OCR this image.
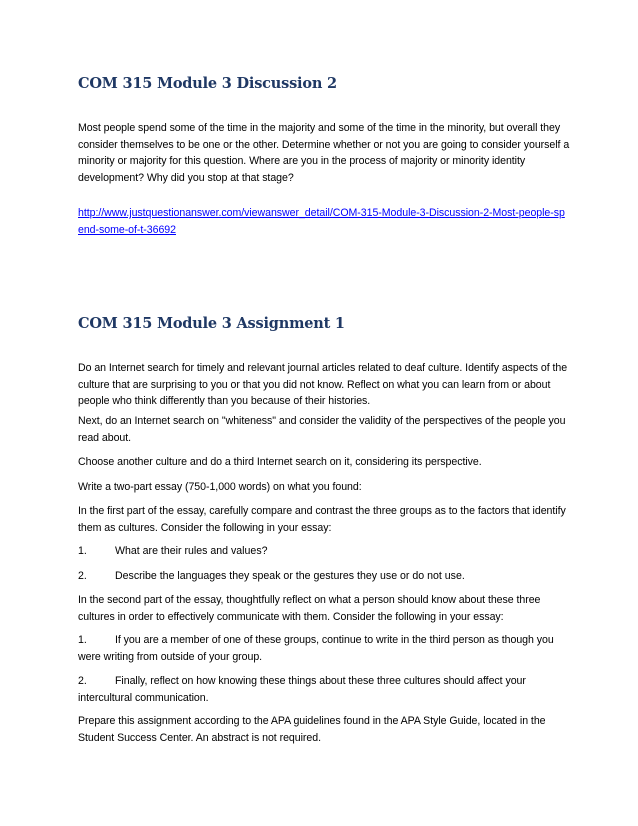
COM 315 Module 3 Discussion 2

Most people spend some of the time in the majority and some of the time in the minority, but overall they consider themselves to be one or the other. Determine whether or not you are going to consider yourself a minority or majority for this question. Where are you in the process of majority or minority identity development? Why did you stop at that stage?

http://www.justquestionanswer.com/viewanswer_detail/COM-315-Module-3-Discussion-2-Most-people-spend-some-of-t-36692

COM 315 Module 3 Assignment 1

Do an Internet search for timely and relevant journal articles related to deaf culture. Identify aspects of the culture that are surprising to you or that you did not know. Reflect on what you can learn from or about people who think differently than you because of their histories.

Next, do an Internet search on "whiteness" and consider the validity of the perspectives of the people you read about.

Choose another culture and do a third Internet search on it, considering its perspective.

Write a two-part essay (750-1,000 words) on what you found:

In the first part of the essay, carefully compare and contrast the three groups as to the factors that identify them as cultures. Consider the following in your essay:

1.	What are their rules and values?

2.	Describe the languages they speak or the gestures they use or do not use.

In the second part of the essay, thoughtfully reflect on what a person should know about these three cultures in order to effectively communicate with them. Consider the following in your essay:

1.	If you are a member of one of these groups, continue to write in the third person as though you were writing from outside of your group.

2.	Finally, reflect on how knowing these things about these three cultures should affect your intercultural communication.

Prepare this assignment according to the APA guidelines found in the APA Style Guide, located in the Student Success Center. An abstract is not required.
